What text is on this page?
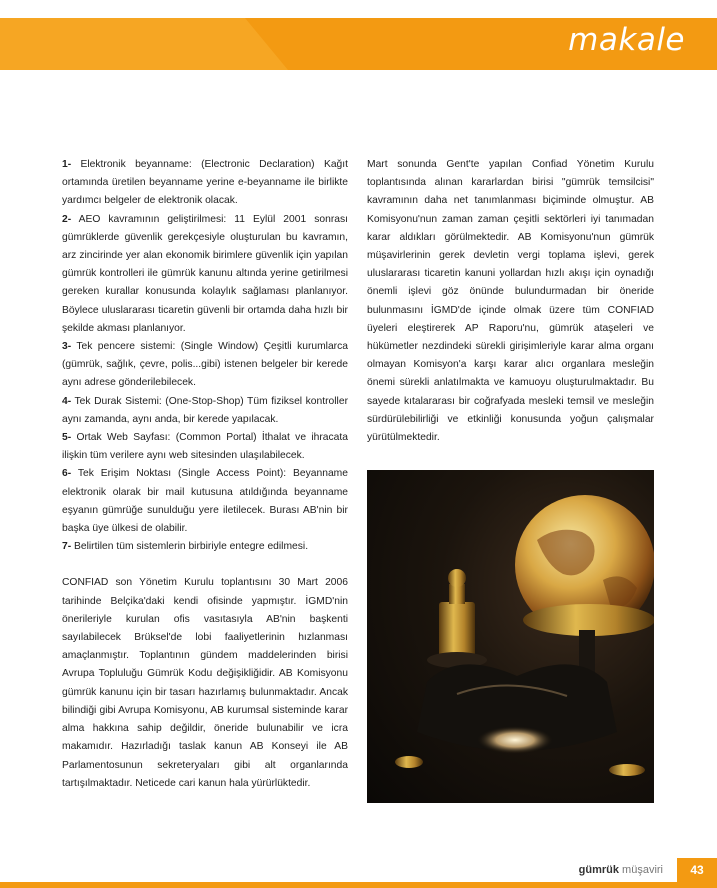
makale

1- Elektronik beyanname: (Electronic Declaration) Kağıt ortamında üretilen beyanname yerine e-beyanname ile birlikte yardımcı belgeler de elektronik olacak.

2- AEO kavramının geliştirilmesi: 11 Eylül 2001 sonrası gümrüklerde güvenlik gerekçesiyle oluşturulan bu kavramın, arz zincirinde yer alan ekonomik birimlere güvenlik için yapılan gümrük kontrolleri ile gümrük kanunu altında yerine getirilmesi gereken kurallar konusunda kolaylık sağlaması planlanıyor. Böylece uluslararası ticaretin güvenli bir ortamda daha hızlı bir şekilde akması planlanıyor.

3- Tek pencere sistemi: (Single Window) Çeşitli kurumlarca (gümrük, sağlık, çevre, polis...gibi) istenen belgeler bir kerede aynı adrese gönderilebilecek.

4- Tek Durak Sistemi: (One-Stop-Shop) Tüm fiziksel kontroller aynı zamanda, aynı anda, bir kerede yapılacak.

5- Ortak Web Sayfası: (Common Portal) İthalat ve ihracata ilişkin tüm verilere aynı web sitesinden ulaşılabilecek.

6- Tek Erişim Noktası (Single Access Point): Beyanname elektronik olarak bir mail kutusuna atıldığında beyanname eşyanın gümrüğe sunulduğu yere iletilecek. Burası AB'nin bir başka üye ülkesi de olabilir.

7- Belirtilen tüm sistemlerin birbiriyle entegre edilmesi.

CONFIAD son Yönetim Kurulu toplantısını 30 Mart 2006 tarihinde Belçika'daki kendi ofisinde yapmıştır. İGMD'nin önerileriyle kurulan ofis vasıtasıyla AB'nin başkenti sayılabilecek Brüksel'de lobi faaliyetlerinin hızlanması amaçlanmıştır. Toplantının gündem maddelerinden birisi Avrupa Topluluğu Gümrük Kodu değişikliğidir. AB Komisyonu gümrük kanunu için bir tasarı hazırlamış bulunmaktadır. Ancak bilindiği gibi Avrupa Komisyonu, AB kurumsal sisteminde karar alma hakkına sahip değildir, öneride bulunabilir ve icra makamıdır. Hazırladığı taslak kanun AB Konseyi ile AB Parlamentosunun sekreteryaları gibi alt organlarında tartışılmaktadır. Neticede cari kanun hala yürürlüktedir.

Mart sonunda Gent'te yapılan Confiad Yönetim Kurulu toplantısında alınan kararlardan birisi "gümrük temsilcisi" kavramının daha net tanımlanması biçiminde olmuştur. AB Komisyonu'nun zaman zaman çeşitli sektörleri iyi tanımadan karar aldıkları görülmektedir. AB Komisyonu'nun gümrük müşavirlerinin gerek devletin vergi toplama işlevi, gerek uluslararası ticaretin kanuni yollardan hızlı akışı için oynadığı önemli işlevi göz önünde bulundurmadan bir öneride bulunmasını İGMD'de içinde olmak üzere tüm CONFIAD üyeleri eleştirerek AP Raporu'nu, gümrük ataşeleri ve hükümetler nezdindeki sürekli girişimleriyle karar alma organı olmayan Komisyon'a karşı karar alıcı organlara mesleğin önemi sürekli anlatılmakta ve kamuoyu oluşturulmaktadır. Bu sayede kıtalararası bir coğrafyada mesleki temsil ve mesleğin sürdürülebilirliği ve etkinliği konusunda yoğun çalışmalar yürütülmektedir.

gümrük müşaviri	43
